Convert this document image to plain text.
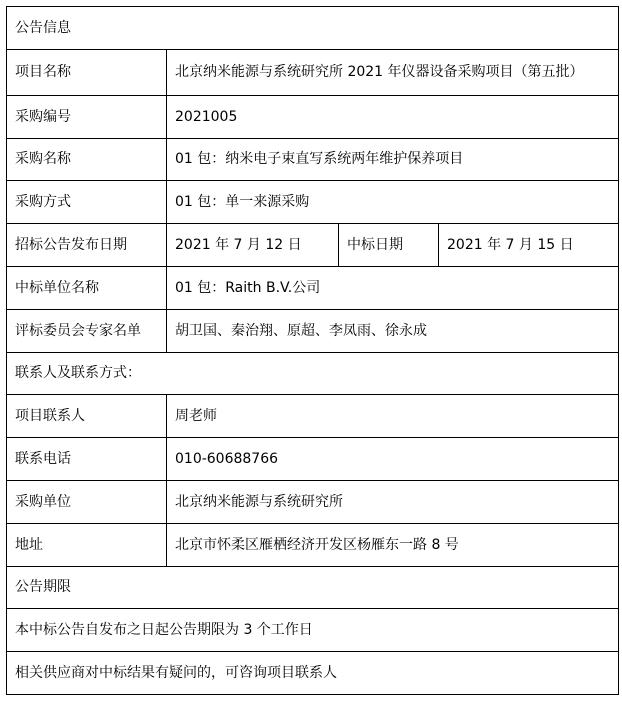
公告信息			
项目名称	北京纳米能源与系统研究所 2021 年仪器设备采购项目（第五批）		
采购编号	2021005		
采购名称	01 包：纳米电子束直写系统两年维护保养项目		
采购方式	01 包：单一来源采购		
招标公告发布日期	2021 年 7 月 12 日	中标日期	2021 年 7 月 15 日
中标单位名称	01 包：Raith B.V.公司		
评标委员会专家名单	胡卫国、秦治翔、原超、李凤雨、徐永成		
联系人及联系方式：			
项目联系人	周老师		
联系电话	010-60688766		
采购单位	北京纳米能源与系统研究所		
地址	北京市怀柔区雁栖经济开发区杨雁东一路 8 号		
公告期限			
本中标公告自发布之日起公告期限为 3 个工作日			
相关供应商对中标结果有疑问的，可咨询项目联系人			
